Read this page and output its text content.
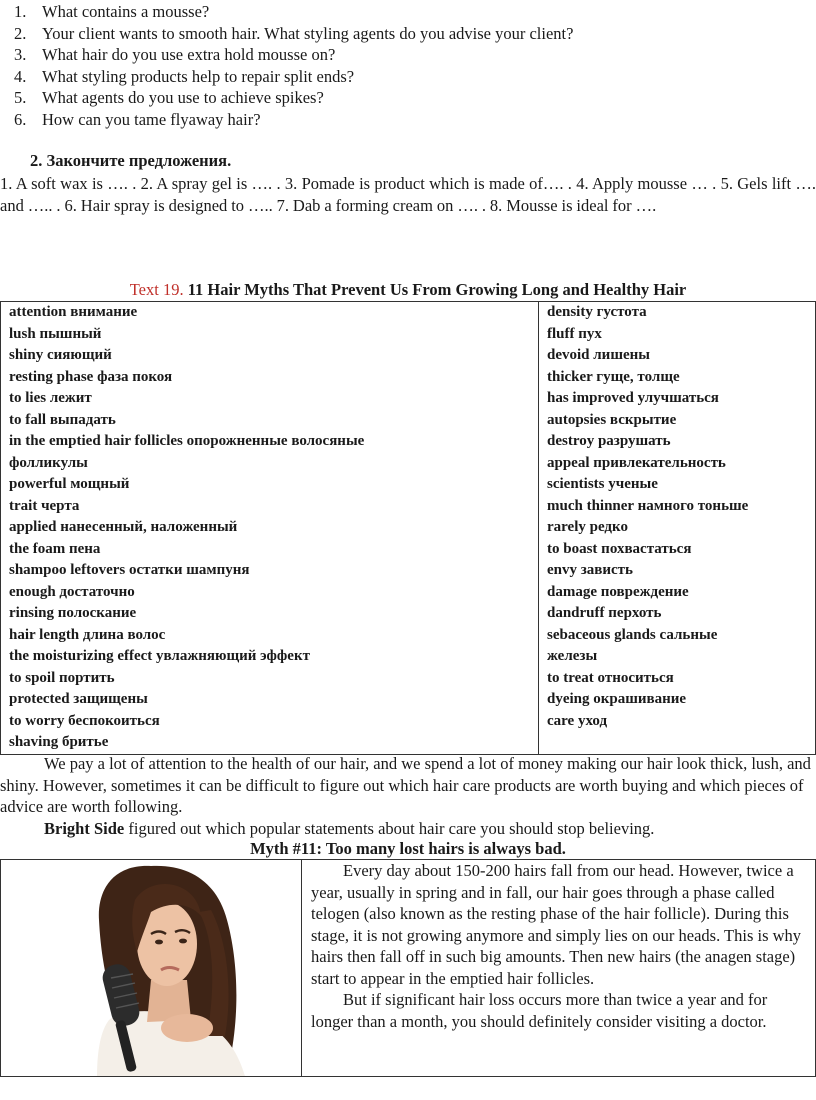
1. What contains a mousse?
2. Your client wants to smooth hair. What styling agents do you advise your client?
3. What hair do you use extra hold mousse on?
4. What styling products help to repair split ends?
5. What agents do you use to achieve spikes?
6. How can you tame flyaway hair?
2. Закончите предложения.
1. A soft wax is …. . 2. A spray gel is …. . 3. Pomade is product which is made of…. . 4. Apply mousse … . 5. Gels lift …. and ….. . 6. Hair spray is designed to ….. 7. Dab a forming cream on …. . 8. Mousse is ideal for ….
Text 19. 11 Hair Myths That Prevent Us From Growing Long and Healthy Hair
attention внимание
lush пышный
shiny сияющий
resting phase фаза покоя
to lies лежит
to fall выпадать
in the emptied hair follicles опорожненные волосяные
фолликулы
powerful мощный
trait черта
applied нанесенный, наложенный
the foam пена
shampoo leftovers остатки шампуня
enough достаточно
rinsing полоскание
hair length длина волос
the moisturizing effect увлажняющий эффект
to spoil портить
protected защищены
to worry беспокоиться
shaving бритье

density густота
fluff пух
devoid лишены
thicker гуще, толще
has improved улучшаться
autopsies вскрытие
destroy разрушать
appeal привлекательность
scientists ученые
much thinner намного тоньше
rarely редко
to boast похвастаться
envy зависть
damage повреждение
dandruff перхоть
sebaceous glands сальные
железы
to treat относиться
dyeing окрашивание
care уход

We pay a lot of attention to the health of our hair, and we spend a lot of money making our hair look thick, lush, and shiny. However, sometimes it can be difficult to figure out which hair care products are worth buying and which pieces of advice are worth following.

Bright Side figured out which popular statements about hair care you should stop believing.

Myth #11: Too many lost hairs is always bad.

Every day about 150-200 hairs fall from our head. However, twice a year, usually in spring and in fall, our hair goes through a phase called telogen (also known as the resting phase of the hair follicle). During this stage, it is not growing anymore and simply lies on our heads. This is why hairs then fall off in such big amounts. Then new hairs (the anagen stage) start to appear in the emptied hair follicles.

But if significant hair loss occurs more than twice a year and for longer than a month, you should definitely consider visiting a doctor.
